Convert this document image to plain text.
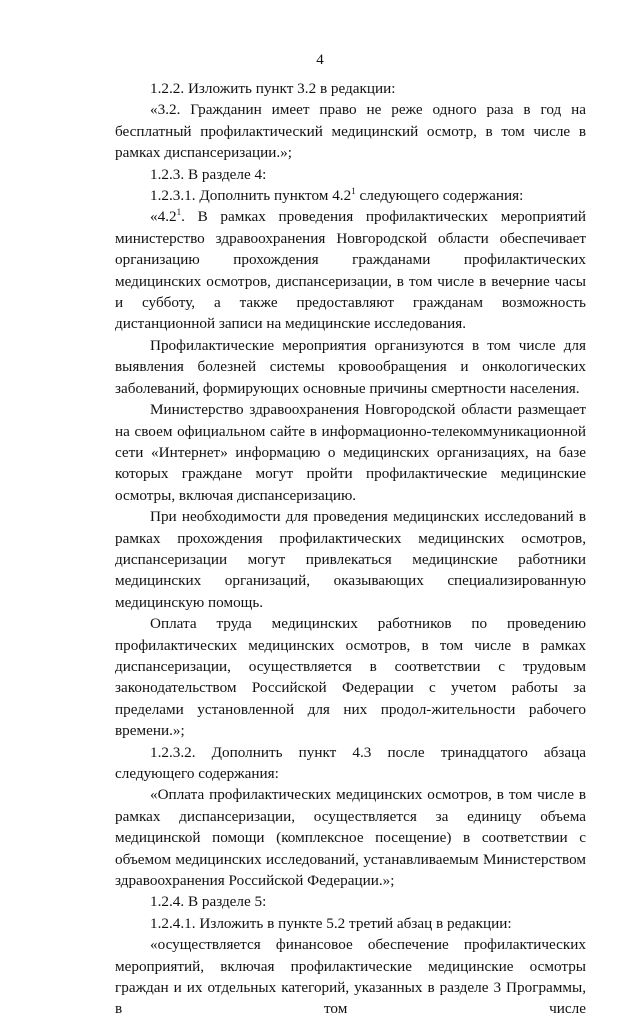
4

1.2.2. Изложить пункт 3.2 в редакции:

«3.2. Гражданин имеет право не реже одного раза в год на бесплатный профилактический медицинский осмотр, в том числе в рамках диспансеризации.»;

1.2.3. В разделе 4:

1.2.3.1. Дополнить пунктом $4.2^1$ следующего содержания:

«$4.2^1$. В рамках проведения профилактических мероприятий министерство здравоохранения Новгородской области обеспечивает организацию прохождения гражданами профилактических медицинских осмотров, диспансеризации, в том числе в вечерние часы и субботу, а также предоставляют гражданам возможность дистанционной записи на медицинские исследования.

Профилактические мероприятия организуются в том числе для выявления болезней системы кровообращения и онкологических заболеваний, формирующих основные причины смертности населения.

Министерство здравоохранения Новгородской области размещает на своем официальном сайте в информационно-телекоммуникационной сети «Интернет» информацию о медицинских организациях, на базе которых граждане могут пройти профилактические медицинские осмотры, включая диспансеризацию.

При необходимости для проведения медицинских исследований в рамках прохождения профилактических медицинских осмотров, диспансеризации могут привлекаться медицинские работники медицинских организаций, оказывающих специализированную медицинскую помощь.

Оплата труда медицинских работников по проведению профилактических медицинских осмотров, в том числе в рамках диспансеризации, осуществляется в соответствии с трудовым законодательством Российской Федерации с учетом работы за пределами установленной для них продол-жительности рабочего времени.»;

1.2.3.2. Дополнить пункт 4.3 после тринадцатого абзаца следующего содержания:

«Оплата профилактических медицинских осмотров, в том числе в рамках диспансеризации, осуществляется за единицу объема медицинской помощи (комплексное посещение) в соответствии с объемом медицинских исследований, устанавливаемым Министерством здравоохранения Российской Федерации.»;

1.2.4. В разделе 5:

1.2.4.1. Изложить в пункте 5.2 третий абзац в редакции:

«осуществляется финансовое обеспечение профилактических мероприятий, включая профилактические медицинские осмотры граждан и их отдельных категорий, указанных в разделе 3 Программы, в том числе
